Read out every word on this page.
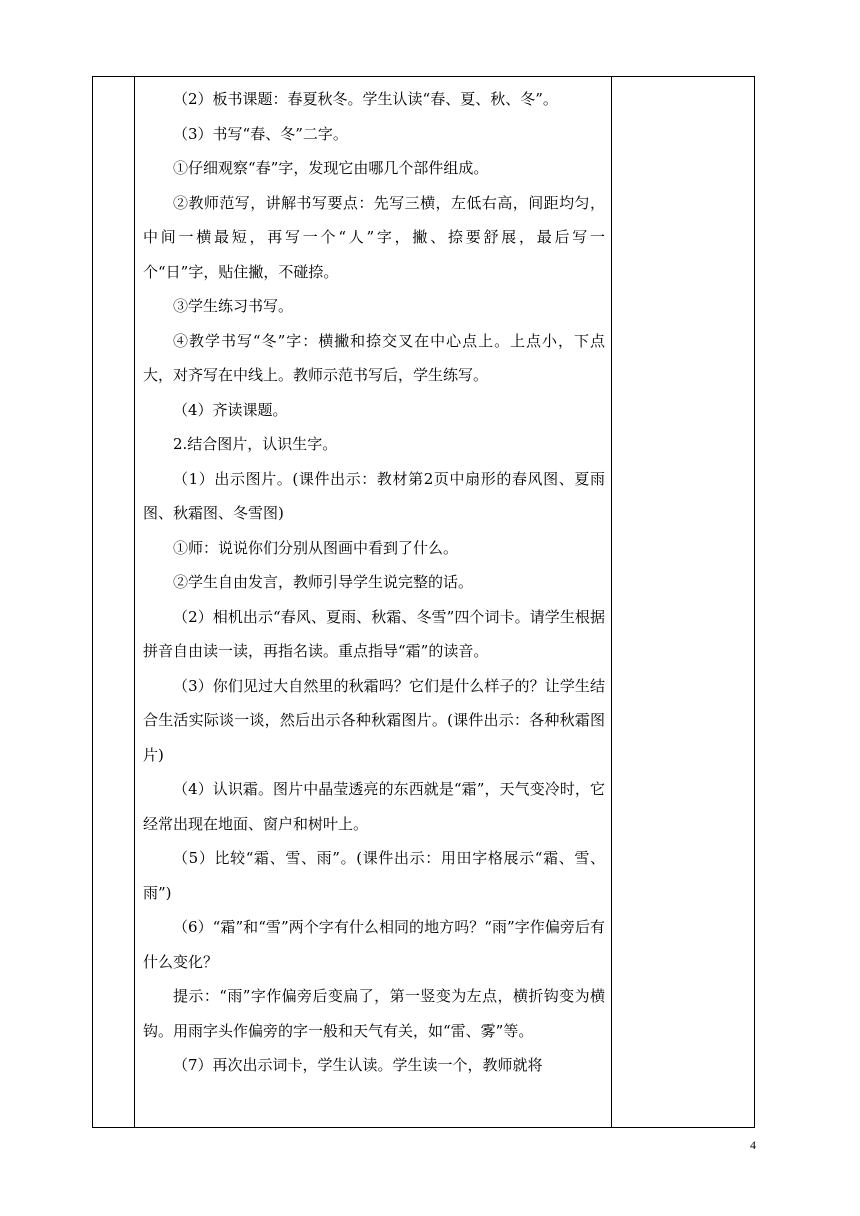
（2）板书课题：春夏秋冬。学生认读“春、夏、秋、冬”。

（3）书写“春、冬”二字。

①仔细观察“春”字，发现它由哪几个部件组成。

②教师范写，讲解书写要点：先写三横，左低右高，间距均匀，中间一横最短，再写一个“人”字，撇、捺要舒展，最后写一个“日”字，贴住撇，不碰捺。

③学生练习书写。

④教学书写“冬”字：横撇和捺交叉在中心点上。上点小，下点大，对齐写在中线上。教师示范书写后，学生练写。

（4）齐读课题。

2.结合图片，认识生字。

（1）出示图片。(课件出示：教材第2页中扇形的春风图、夏雨图、秋霜图、冬雪图)

①师：说说你们分别从图画中看到了什么。

②学生自由发言，教师引导学生说完整的话。

（2）相机出示“春风、夏雨、秋霜、冬雪”四个词卡。请学生根据拼音自由读一读，再指名读。重点指导“霜”的读音。

（3）你们见过大自然里的秋霜吗？它们是什么样子的？让学生结合生活实际谈一谈，然后出示各种秋霜图片。(课件出示：各种秋霜图片)

（4）认识霜。图片中晶莹透亮的东西就是“霜”，天气变冷时，它经常出现在地面、窗户和树叶上。

（5）比较“霜、雪、雨”。(课件出示：用田字格展示“霜、雪、雨”)

（6）“霜”和“雪”两个字有什么相同的地方吗？“雨”字作偏旁后有什么变化？

提示：“雨”字作偏旁后变扁了，第一竖变为左点，横折钩变为横钩。用雨字头作偏旁的字一般和天气有关，如“雷、雾”等。

（7）再次出示词卡，学生认读。学生读一个，教师就将

4
